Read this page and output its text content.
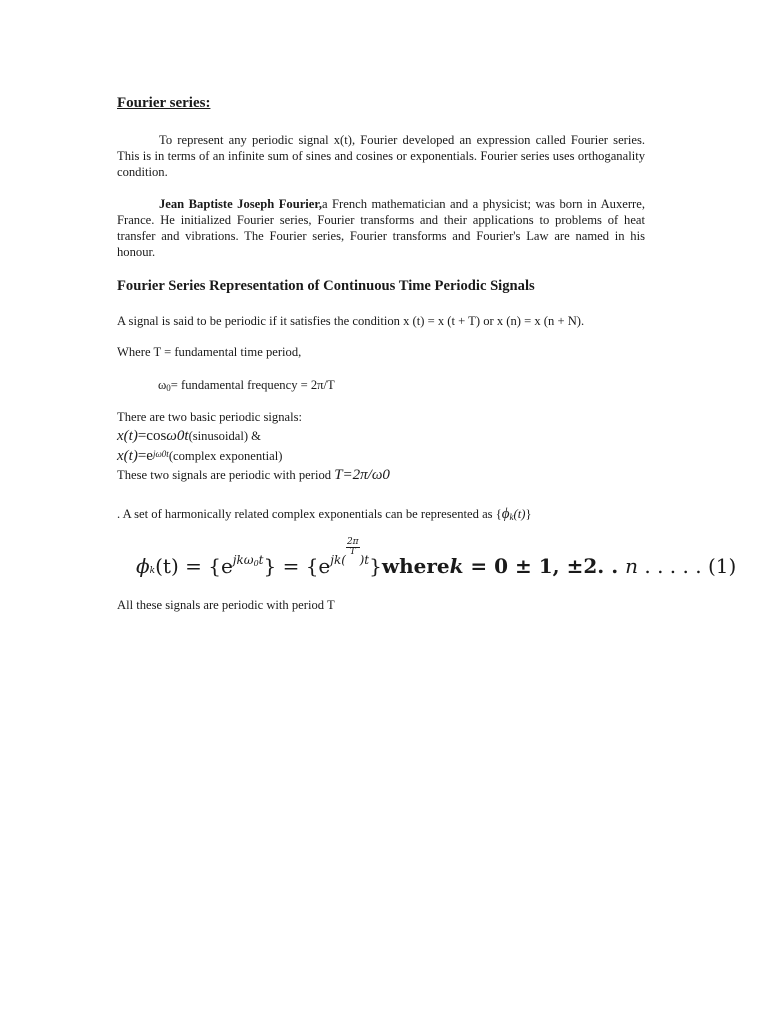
Fourier series:
To represent any periodic signal x(t), Fourier developed an expression called Fourier series. This is in terms of an infinite sum of sines and cosines or exponentials. Fourier series uses orthoganality condition.
Jean Baptiste Joseph Fourier,a French mathematician and a physicist; was born in Auxerre, France. He initialized Fourier series, Fourier transforms and their applications to problems of heat transfer and vibrations. The Fourier series, Fourier transforms and Fourier's Law are named in his honour.
Fourier Series Representation of Continuous Time Periodic Signals
A signal is said to be periodic if it satisfies the condition x (t) = x (t + T) or x (n) = x (n + N).
Where T = fundamental time period,
$\omega_0=$ fundamental frequency = 2π/T
There are two basic periodic signals:
x(t)=cosω0t(sinusoidal) &
$x(t)=e^{j\omega 0t}(complex$ exponential)
These two signals are periodic with period T=2π/ω0
. A set of harmonically related complex exponentials can be represented as $\{\phi_k(t)\}$
$\phi k(t) = \{e^{jk\omega 0t}\}$ = $\{e^{jk( \frac{2\pi}{T} )t}\}wherek = 0 \pm 1$, ±2. . n . . . . . (1)
All these signals are periodic with period T
